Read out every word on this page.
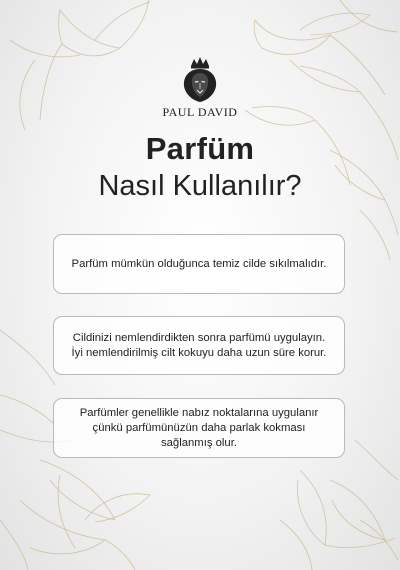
PAUL DAVID
Parfüm
Nasıl Kullanılır?

Parfüm mümkün olduğunca temiz cilde sıkılmalıdır.

Cildinizi nemlendirdikten sonra parfümü uygulayın. İyi nemlendirilmiş cilt kokuyu daha uzun süre korur.

Parfümler genellikle nabız noktalarına uygulanır çünkü parfümünüzün daha parlak kokması sağlanmış olur.
